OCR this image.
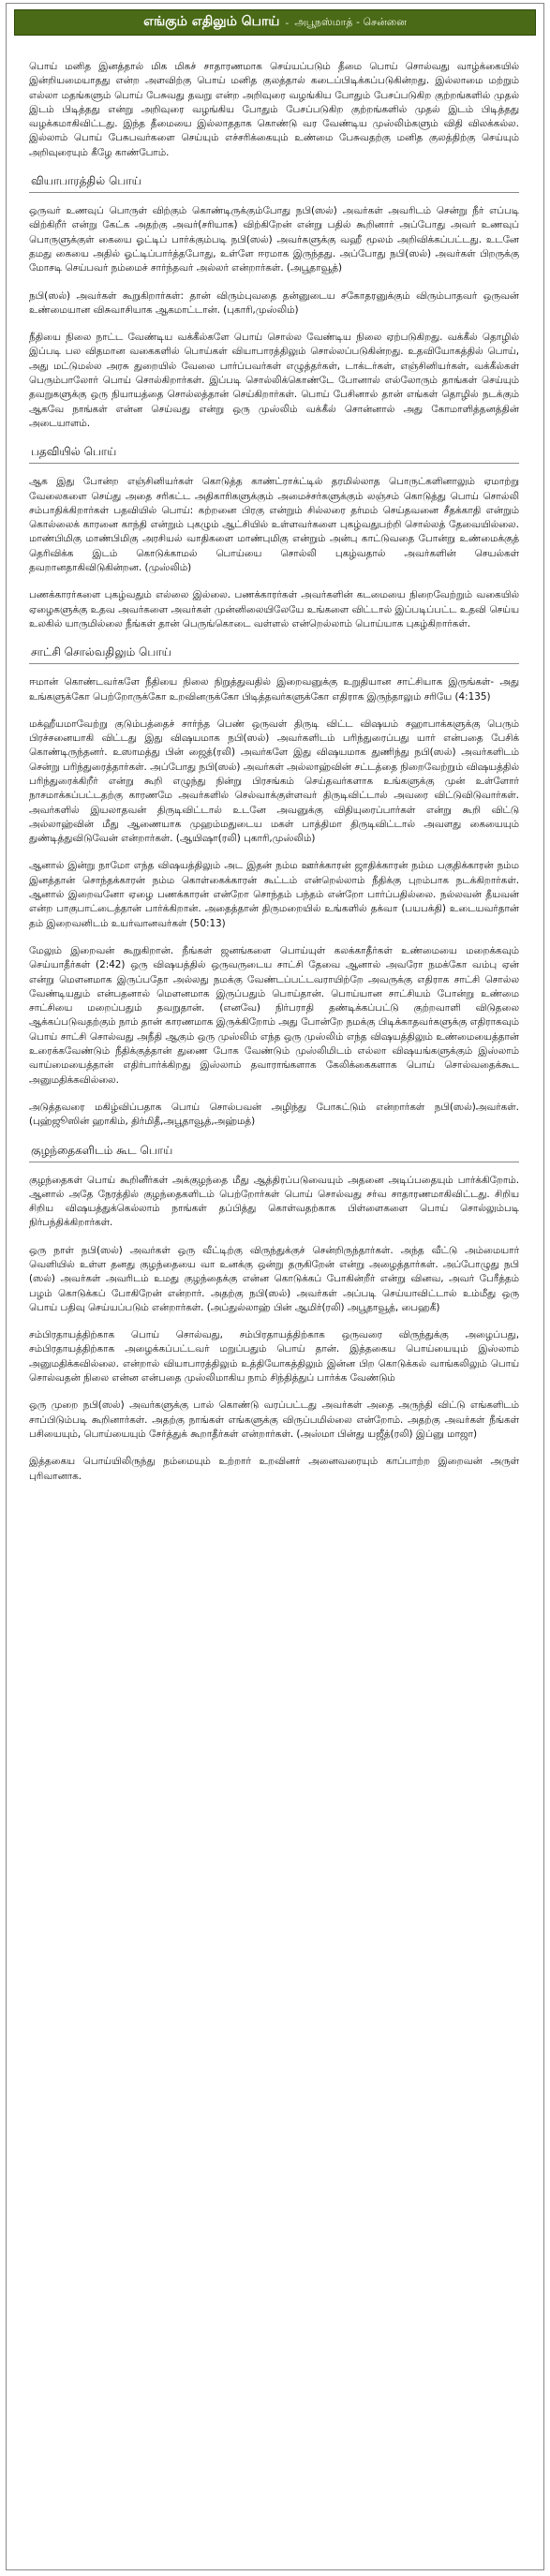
எங்கும் எதிலும் பொய் - அபூநஸ்மாத் - சென்னை

பொய் மனித இனத்தால் மிக மிகச் சாதாரணமாக செய்யப்படும் தீமை பொய் சொல்வது வாழ்க்கையில் இன்றியமையாதது என்ற அளவிற்கு பொய் மனித குலத்தால் கடைப்பிடிக்கப்படுகின்றது. இல்லாமை மற்றும் எல்லா மதங்களும் பொய் பேசுவது தவறு என்ற அறிவுரை வழங்கிய போதும் பேசப்படுகிற குற்றங்களில் முதல் இடம் பிடித்தது என்று அறிவுரை வழங்கிய போதும் பேசப்படுகிற குற்றங்களில் முதல் இடம் பிடித்தது வழக்கமாகிவிட்டது. இந்த தீமையை இல்லாததாக கொண்டு வர வேண்டிய முஸ்லிம்களும் விதி விலக்கல்ல. இல்லாம் பொய் பேசுபவர்களை செய்யும் எச்சரிக்கையும் உண்மை பேசுவதற்கு மனித குலத்திற்கு செய்யும் அறிவுரையும் கீழே காண்போம்.

வியாபாரத்தில் பொய்

ஒருவர் உணவுப் பொருள் விற்கும் கொண்டிருக்கும்போது நபி(ஸல்) அவர்கள் அவரிடம் சென்று நீர் எப்படி விற்கிறீர் என்று கேட்க அதற்கு அவர்(சரியாக) விற்கிறேன் என்று பதில் கூறினார் அப்போது அவர் உணவுப் பொருளுக்குள் கையை ஓட்டிப் பார்க்கும்படி நபி(ஸல்) அவர்களுக்கு வஹீ மூலம் அறிவிக்கப்பட்டது. உடனே தமது கையை அதில் ஓட்டிப்பார்த்தபோது, உள்ளே ஈரமாக இருந்தது. அப்போது நபி(ஸல்) அவர்கள் பிறருக்கு மோசடி செய்பவர் நம்மைச் சார்ந்தவர் அல்லர் என்றார்கள். (அபூதாவூத்)

நபி(ஸல்) அவர்கள் கூறுகிறார்கள்: தான் விரும்புவதை தன்னுடைய சகோதரனுக்கும் விரும்பாதவர் ஒருவன் உண்மையான விசுவாசியாக ஆகமாட்டான். (புகாரி,முஸ்லிம்)

நீதியை நிலை நாட்ட வேண்டிய வக்கீல்களே பொய் சொல்ல வேண்டிய நிலை ஏற்படுகிறது. வக்கீல் தொழில் இப்படி பல விதமான வகைகளில் பொய்கள் வியாபாரத்திலும் சொல்லப்படுகின்றது. உதவியோகத்தில் பொய், அது மட்டுமல்ல அரசு துறையில் வேலை பார்ப்பவர்கள் எழுத்தர்கள், டாக்டர்கள், எஞ்சினியர்கள், வக்கீல்கள் பெரும்பாலோர் பொய் சொல்கிறார்கள். இப்படி சொல்லிக்கொண்டே போனால் எல்லோரும் தாங்கள் செய்யும் தவறுகளுக்கு ஒரு நியாயத்தை சொல்லத்தான் செய்கிறார்கள். பொய் பேசினால் தான் எங்கள் தொழில் நடக்கும் ஆகவே நாங்கள் என்ன செய்வது என்று ஒரு முஸ்லிம் வக்கீல் சொன்னால் அது கோமாளித்தனத்தின் அடையாளம்.

பதவியில் பொய்

ஆக இது போன்ற எஞ்சினியர்கள் கொடுத்த காண்ட்ராக்ட்டில் தரமில்லாத பொருட்களினாலும் ஏமாற்று வேலைகளை செய்து அதை சரிகட்ட அதிகாரிகளுக்கும் அமைச்சர்களுக்கும் லஞ்சம் கொடுத்து பொய் சொல்லி சம்பாதிக்கிறார்கள் பதவியில் பொய்: கற்றனை பிரகு என்றும் சில்லரை தர்மம் செய்தவனை சீதக்காதி என்றும் கொல்லைக் காரனை காந்தி என்றும் புகழும் ஆட்சியில் உள்ளவர்களை புகழ்வதுபற்றி சொல்லத் தேவையில்லை. மாண்பிமிகு மாண்பிமிகு அரசியல் வாதிகளை மாண்புமிகு என்றும் அன்பு காட்டுவதை போன்று உண்மைக்குத் தெரிவிக்க இடம் கொடுக்காமல் பொய்யை சொல்லி புகழ்வதால் அவர்களின் செயல்கள் தவறானதாகிவிடுகின்றன. (முஸ்லிம்)

பணக்காரர்களை புகழ்வதும் எல்லை இல்லை. பணக்காரர்கள் அவர்களின் கடமையை நிறைவேற்றும் வகையில் ஏழைகளுக்கு உதவ அவர்களை அவர்கள் முன்னிலையிலேயே உங்களை விட்டால் இப்படிப்பட்ட உதவி செய்ய உலகில் யாருமில்லை நீங்கள் தான் பெருங்கொடை வள்ளல் என்றெல்லாம் பொய்யாக புகழ்கிறார்கள்.

சாட்சி சொல்வதிலும் பொய்

ஈமான் கொண்டவர்களே நீதியை நிலை நிறுத்துவதில் இறைவனுக்கு உறுதியான சாட்சியாக இருங்கள்- அது உங்களுக்கோ பெற்றோருக்கோ உறவினருக்கோ பிடித்தவர்களுக்கோ எதிராக இருந்தாலும் சரியே (4:135)

மக்ஹீயமாவேற்று குடும்பத்தைச் சார்ந்த பெண் ஒருவள் திருடி விட்ட விஷயம் சஹாபாக்களுக்கு பெரும் பிரச்சனையாகி விட்டது இது விஷயமாக நபி(ஸல்) அவர்களிடம் பரிந்துரைப்பது யார் என்பதை பேசிக் கொண்டிருந்தனர். உஸாமத்து பின் ஜைத்(ரலி) அவர்களே இது விஷயமாக துணிந்து நபி(ஸல்) அவர்களிடம் சென்று பரிந்துரைத்தார்கள். அப்போது நபி(ஸல்) அவர்கள் அல்லாஹ்வின் சட்டத்தை நிறைவேற்றும் விஷயத்தில் பரிந்துரைக்கிறீர் என்று கூறி எழுந்து நின்று பிரசங்கம் செய்தவர்களாக உங்களுக்கு முன் உள்ளோர் நாசமாக்கப்பட்டதற்கு காரணமே அவர்களில் செல்வாக்குள்ளவர் திருடிவிட்டால் அவரை விட்டுவிடுவார்கள். அவர்களில் இயலாதவன் திருடிவிட்டால் உடனே அவனுக்கு விதியுரைப்பார்கள் என்று கூறி விட்டு அல்லாஹ்வின் மீது ஆணையாக முஹம்மதுடைய மகள் பாத்திமா திருடிவிட்டால் அவளது கையையும் துண்டித்துவிடுவேன் என்றார்கள். (ஆயிஷா(ரலி) புகாரி,முஸ்லிம்)

ஆனால் இன்று நாமோ எந்த விஷயத்திலும் அட இதன் நம்ம ஊர்க்காரன் ஜாதிக்காரன் நம்ம பகுதிக்காரன் நம்ம இனத்தான் சொந்தக்காரன் நம்ம கொள்கைக்காரன் கூட்டம் என்றெல்லாம் நீதிக்கு புறம்பாக நடக்கிறார்கள். ஆனால் இறைவனோ ஏழை பணக்காரன் என்றோ சொந்தம் பந்தம் என்றோ பார்ப்பதில்லை. நல்லவன் தீயவன் என்ற பாகுபாட்டைத்தான் பார்க்கிறான். அதைத்தான் திருமறையில் உங்களில் தக்வா (பயபக்தி) உடையவர்தான் தம் இறைவனிடம் உயர்வானவர்கள் (50:13)

மேலும் இறைவன் கூறுகிறான். நீங்கள் ஜனங்களை பொய்யுள் கலக்காதீர்கள் உண்மையை மறைக்கவும் செய்யாதீர்கள் (2:42) ஒரு விஷயத்தில் ஒருவருடைய சாட்சி தேவை ஆனால் அவரோ நமக்கோ வம்பு ஏன் என்று மௌனமாக இருப்பதோ அல்லது நமக்கு வேண்டப்பட்டவராயிற்றே அவருக்கு எதிராக சாட்சி சொல்ல வேண்டியதும் என்பதனால் மௌனமாக இருப்பதும் பொய்தான். பொய்யான சாட்சியம் போன்று உண்மை சாட்சியை மறைப்பதும் தவறுதான். (எனவே) நிர்பராதி தண்டிக்கப்பட்டு குற்றவாளி விடுதலை ஆக்கப்படுவதற்கும் நாம் தான் காரணமாக இருக்கிறோம் அது போன்றே நமக்கு பிடிக்காதவர்களுக்கு எதிராகவும் பொய் சாட்சி சொல்வது அநீதி ஆகும் ஒரு முஸ்லிம் எந்த ஒரு முஸ்லிம் எந்த விஷயத்திலும் உண்மையைத்தான் உரைக்கவேண்டும் நீதிக்குத்தான் துணை போக வேண்டும் முஸ்லிமிடம் எல்லா விஷயங்களுக்கும் இஸ்லாம் வாய்மையைத்தான் எதிர்பார்க்கிறது இஸ்லாம் தவாராங்களாக கேலிக்கைகளாக பொய் சொல்வதைக்கூட அனுமதிக்கவில்லை.

அடுத்தவரை மகிழ்விப்பதாக பொய் சொல்பவன் அழிந்து போகட்டும் என்றார்கள் நபி(ஸல்)அவர்கள். (புஹ்ஜூஸின் ஹாகிம், திர்மிதீ,அபூதாவூத்,அஹ்மத்)

குழந்தைகளிடம் கூட பொய்

குழந்தைகள் பொய் கூறினீர்கள் அக்குழந்தை மீது ஆத்திரப்படுவையும் அதனை அடிப்பதையும் பார்க்கிறோம். ஆனால் அதே நேரத்தில் குழந்தைகளிடம் பெற்றோர்கள் பொய் சொல்வது சர்வ சாதாரணமாகிவிட்டது. சிறிய சிறிய விஷயத்துக்கெல்லாம் நாங்கள் தப்பித்து கொள்வதற்காக பிள்ளைகளை பொய் சொல்லும்படி நிர்பந்திக்கிறார்கள்.

ஒரு நாள் நபி(ஸல்) அவர்கள் ஒரு வீட்டிற்கு விருந்துக்குச் சென்றிருந்தார்கள். அந்த வீட்டு அம்மையார் வெளியில் உள்ள தனது குழந்தையை வா உனக்கு ஒன்று தருகிறேன் என்று அழைத்தார்கள். அப்போழுது நபி (ஸல்) அவர்கள் அவரிடம் உமது குழந்தைக்கு என்ன கொடுக்கப் போகின்றீர் என்று வினவ, அவர் பேரீத்தம் பழம் கொடுக்கப் போகிறேன் என்றார். அதற்கு நபி(ஸல்) அவர்கள் அப்படி செய்யாவிட்டால் உம்மீது ஒரு பொய் பதிவு செய்யப்படும் என்றார்கள். (அப்துல்லாஹ் பின் ஆமிர்(ரலி) அபூதாவூத், பைஹகீ)

சம்பிரதாயத்திற்காக பொய் சொல்வது, சம்பிரதாயத்திற்காக ஒருவரை விருந்துக்கு அழைப்பது, சம்பிரதாயத்திற்காக அழைக்கப்பட்டவர் மறுப்பதும் பொய் தான். இத்தகைய பொய்யையும் இஸ்லாம் அனுமதிக்கவில்லை. என்றால் வியாபாரத்திலும் உத்தியோகத்திலும் இன்ன பிற கொடுக்கல் வாங்கலிலும் பொய் சொல்வதன் நிலை என்ன என்பதை முஸ்லிமாகிய நாம் சிந்தித்துப் பார்க்க வேண்டும்

ஒரு முறை நபி(ஸல்) அவர்களுக்கு பால் கொண்டு வரப்பட்டது அவர்கள் அதை அருந்தி விட்டு எங்களிடம் சாப்பிடும்படி கூறினார்கள். அதற்கு நாங்கள் எங்களுக்கு விருப்பமில்லை என்றோம். அதற்கு அவர்கள் நீங்கள் பசியையும், பொய்யையும் சேர்த்துக் கூறாதீர்கள் என்றார்கள். (அஸ்மா பின்து யஜீத்(ரலி) இப்னு மாஜா)

இத்தகைய பொய்யிலிருந்து நம்மையும் உற்றார் உறவினர் அனைவரையும் காப்பாற்ற இறைவன் அருள் புரிவானாக.
